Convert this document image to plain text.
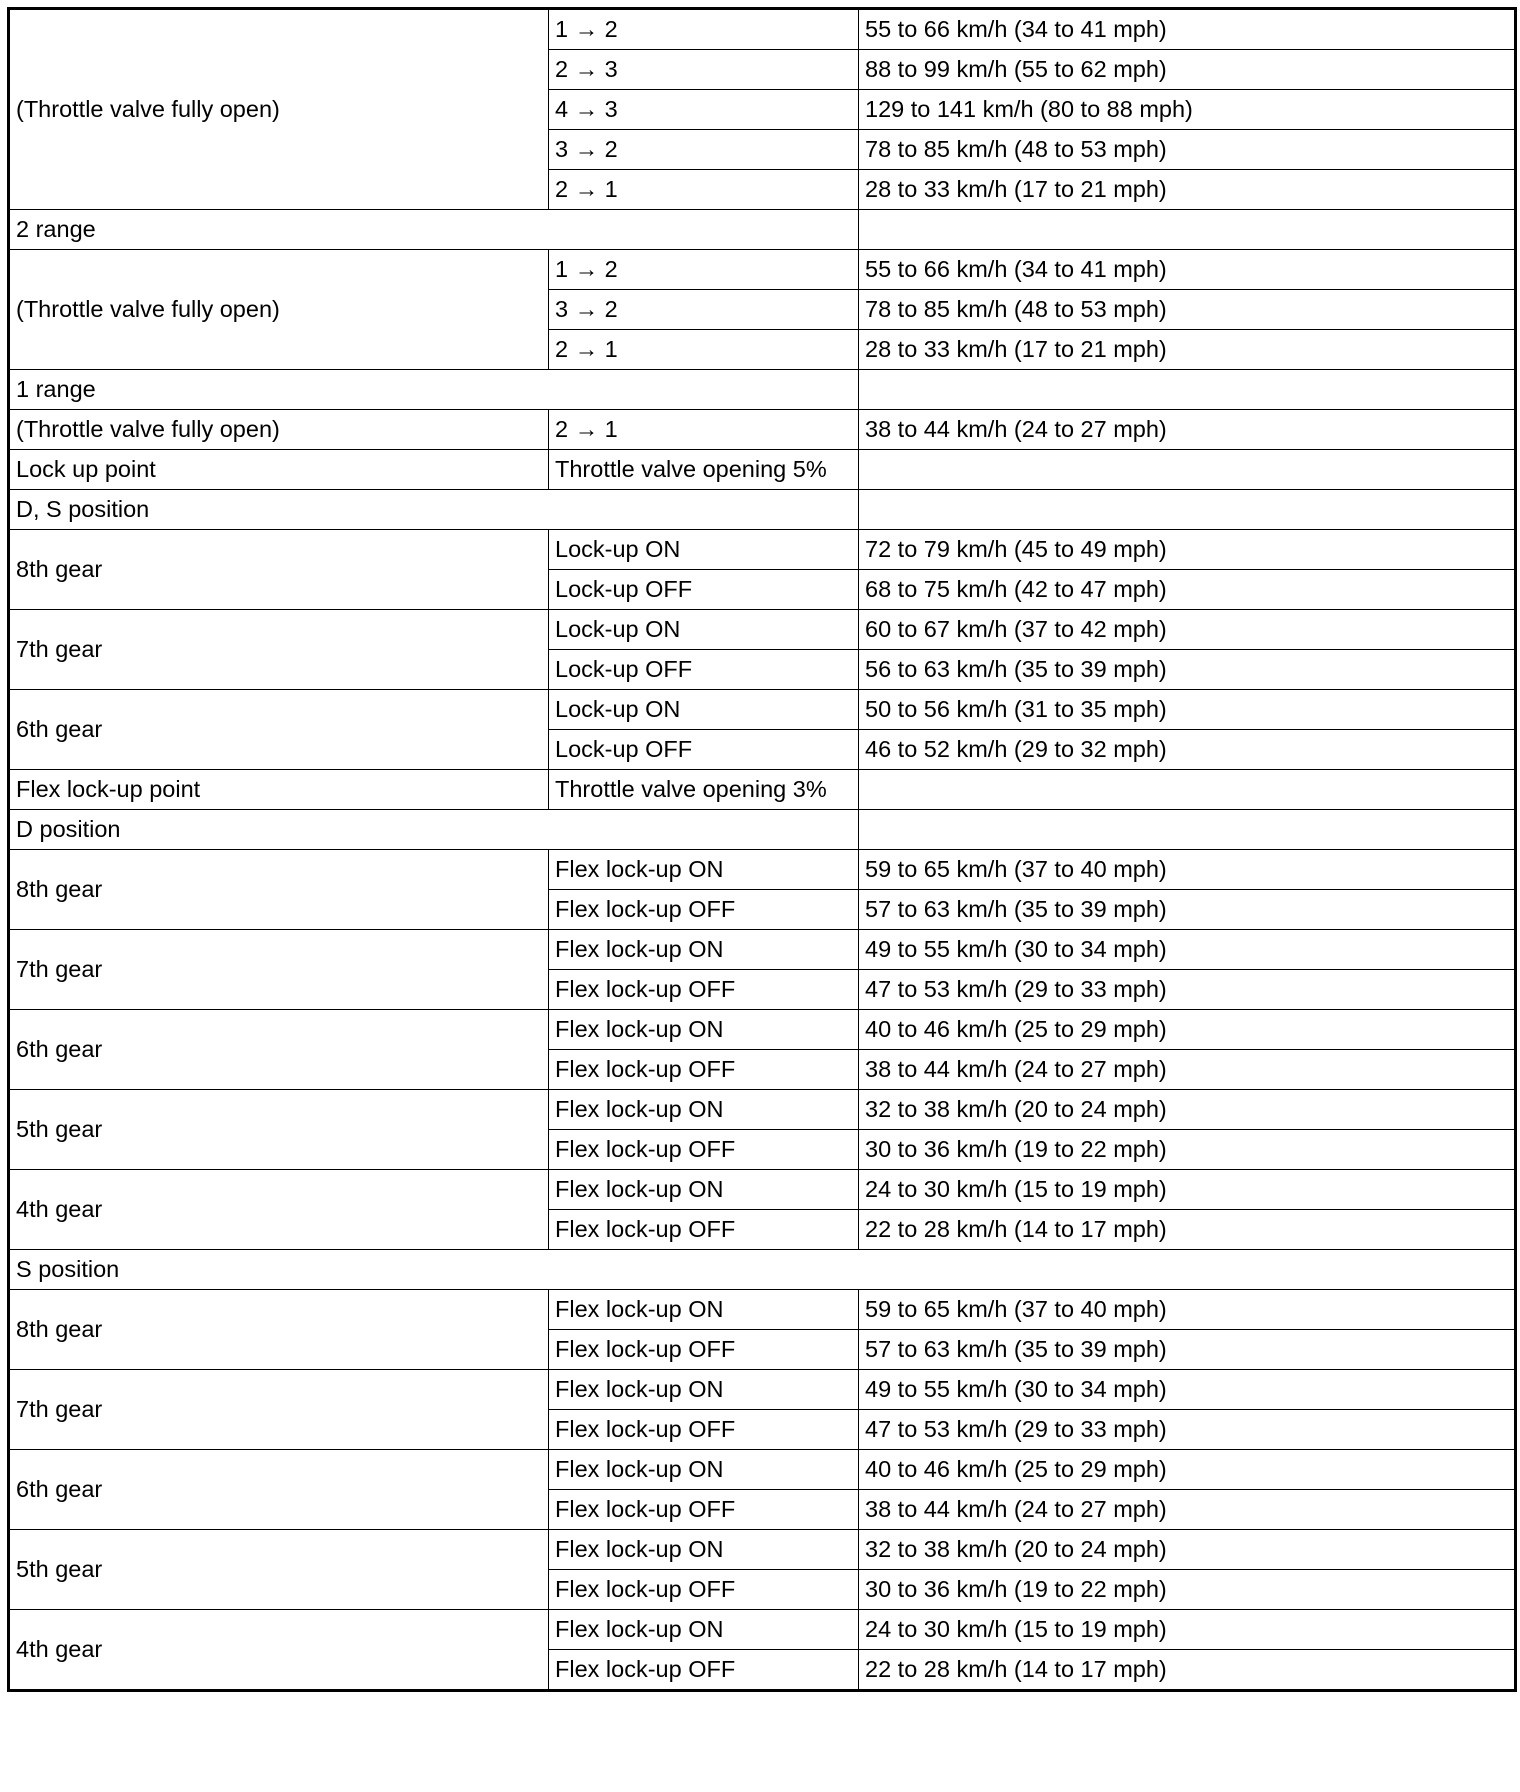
(Throttle valve fully open)	1 → 2	55 to 66 km/h (34 to 41 mph)
	2 → 3	88 to 99 km/h (55 to 62 mph)
	4 → 3	129 to 141 km/h (80 to 88 mph)
	3 → 2	78 to 85 km/h (48 to 53 mph)
	2 → 1	28 to 33 km/h (17 to 21 mph)
2 range		
(Throttle valve fully open)	1 → 2	55 to 66 km/h (34 to 41 mph)
	3 → 2	78 to 85 km/h (48 to 53 mph)
	2 → 1	28 to 33 km/h (17 to 21 mph)
1 range		
(Throttle valve fully open)	2 → 1	38 to 44 km/h (24 to 27 mph)
Lock up point	Throttle valve opening 5%	
D, S position		
8th gear	Lock-up ON	72 to 79 km/h (45 to 49 mph)
	Lock-up OFF	68 to 75 km/h (42 to 47 mph)
7th gear	Lock-up ON	60 to 67 km/h (37 to 42 mph)
	Lock-up OFF	56 to 63 km/h (35 to 39 mph)
6th gear	Lock-up ON	50 to 56 km/h (31 to 35 mph)
	Lock-up OFF	46 to 52 km/h (29 to 32 mph)
Flex lock-up point	Throttle valve opening 3%	
D position		
8th gear	Flex lock-up ON	59 to 65 km/h (37 to 40 mph)
	Flex lock-up OFF	57 to 63 km/h (35 to 39 mph)
7th gear	Flex lock-up ON	49 to 55 km/h (30 to 34 mph)
	Flex lock-up OFF	47 to 53 km/h (29 to 33 mph)
6th gear	Flex lock-up ON	40 to 46 km/h (25 to 29 mph)
	Flex lock-up OFF	38 to 44 km/h (24 to 27 mph)
5th gear	Flex lock-up ON	32 to 38 km/h (20 to 24 mph)
	Flex lock-up OFF	30 to 36 km/h (19 to 22 mph)
4th gear	Flex lock-up ON	24 to 30 km/h (15 to 19 mph)
	Flex lock-up OFF	22 to 28 km/h (14 to 17 mph)
S position		
8th gear	Flex lock-up ON	59 to 65 km/h (37 to 40 mph)
	Flex lock-up OFF	57 to 63 km/h (35 to 39 mph)
7th gear	Flex lock-up ON	49 to 55 km/h (30 to 34 mph)
	Flex lock-up OFF	47 to 53 km/h (29 to 33 mph)
6th gear	Flex lock-up ON	40 to 46 km/h (25 to 29 mph)
	Flex lock-up OFF	38 to 44 km/h (24 to 27 mph)
5th gear	Flex lock-up ON	32 to 38 km/h (20 to 24 mph)
	Flex lock-up OFF	30 to 36 km/h (19 to 22 mph)
4th gear	Flex lock-up ON	24 to 30 km/h (15 to 19 mph)
	Flex lock-up OFF	22 to 28 km/h (14 to 17 mph)
